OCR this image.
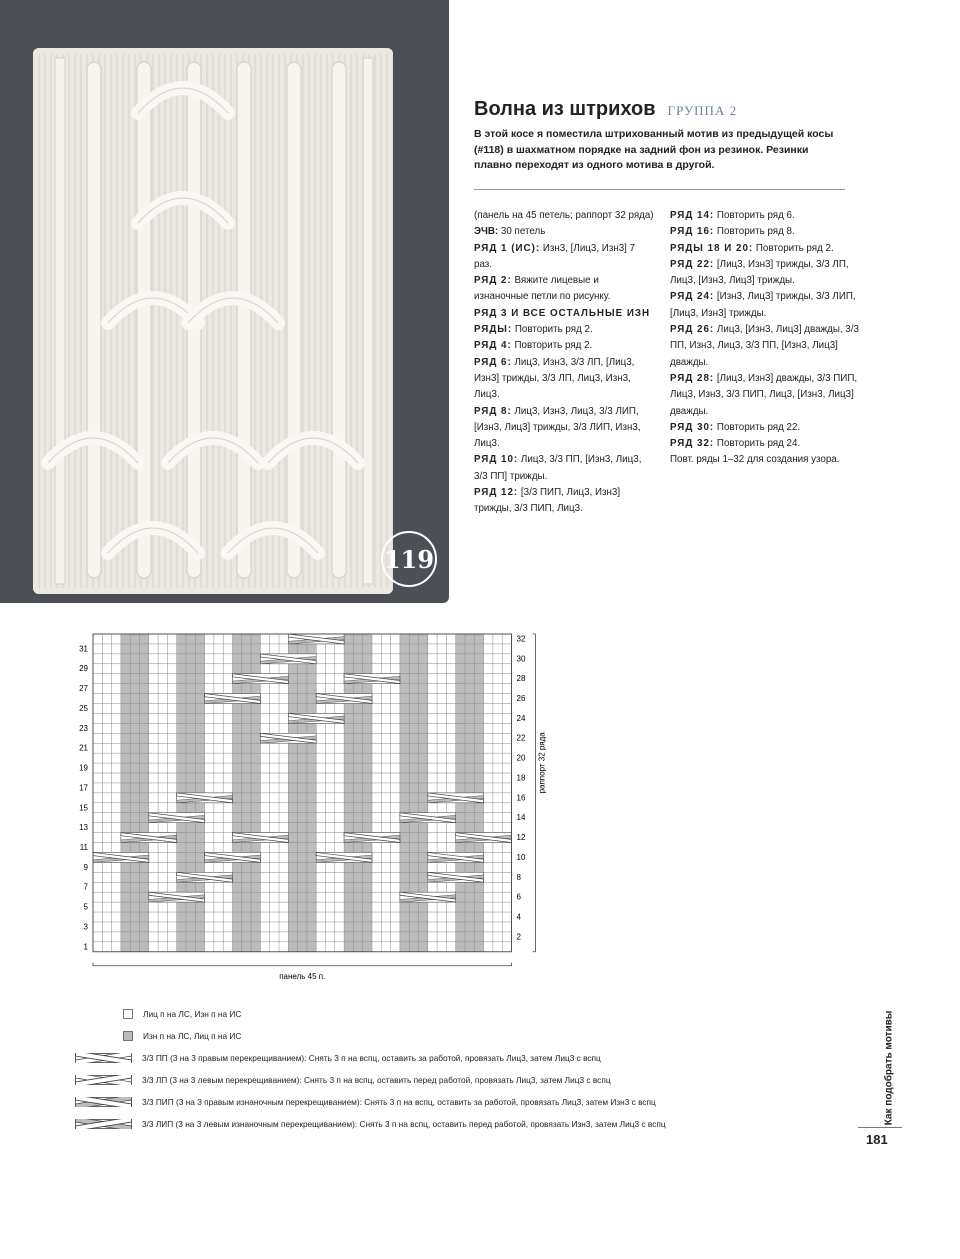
119
Волна из штрихов ГРУППА 2
В этой косе я поместила штрихованный мотив из предыдущей косы (#118) в шахматном порядке на задний фон из резинок. Резинки плавно переходят из одного мотива в другой.
(панель на 45 петель; раппорт 32 ряда)
ЭЧВ: 30 петель
РЯД 1 (ИС): Изн3, [Лиц3, Изн3] 7 раз.
РЯД 2: Вяжите лицевые и изнаночные петли по рисунку.
РЯД 3 И ВСЕ ОСТАЛЬНЫЕ ИЗН РЯДЫ: Повторить ряд 2.
РЯД 4: Повторить ряд 2.
РЯД 6: Лиц3, Изн3, 3/3 ЛП, [Лиц3, Изн3] трижды, 3/3 ЛП, Лиц3, Изн3, Лиц3.
РЯД 8: Лиц3, Изн3, Лиц3, 3/3 ЛИП, [Изн3, Лиц3] трижды, 3/3 ЛИП, Изн3, Лиц3.
РЯД 10: Лиц3, 3/3 ПП, [Изн3, Лиц3, 3/3 ПП] трижды.
РЯД 12: [3/3 ПИП, Лиц3, Изн3] трижды, 3/3 ПИП, Лиц3.
РЯД 14: Повторить ряд 6.
РЯД 16: Повторить ряд 8.
РЯДЫ 18 И 20: Повторить ряд 2.
РЯД 22: [Лиц3, Изн3] трижды, 3/3 ЛП, Лиц3, [Изн3, Лиц3] трижды.
РЯД 24: [Изн3, Лиц3] трижды, 3/3 ЛИП, [Лиц3, Изн3] трижды.
РЯД 26: Лиц3, [Изн3, Лиц3] дважды, 3/3 ПП, Изн3, Лиц3, 3/3 ПП, [Изн3, Лиц3] дважды.
РЯД 28: [Лиц3, Изн3] дважды, 3/3 ПИП, Лиц3, Изн3, 3/3 ПИП, Лиц3, [Изн3, Лиц3] дважды.
РЯД 30: Повторить ряд 22.
РЯД 32: Повторить ряд 24.
Повт. ряды 1–32 для создания узора.
1
3
5
7
9
11
13
15
17
19
21
23
25
27
29
31
2
4
6
8
10
12
14
16
18
20
22
24
26
28
30
32
раппорт 32 ряда
панель 45 п.
Лиц п на ЛС, Изн п на ИС
Изн п на ЛС, Лиц п на ИС
3/3 ПП (3 на 3 правым перекрещиванием): Снять 3 п на вспц, оставить за работой, провязать Лиц3, затем Лиц3 с вспц
3/3 ЛП (3 на 3 левым перекрещиванием): Снять 3 п на вспц, оставить перед работой, провязать Лиц3, затем Лиц3 с вспц
3/3 ПИП (3 на 3 правым изнаночным перекрещиванием): Снять 3 п на вспц, оставить за работой, провязать Лиц3, затем Изн3 с вспц
3/3 ЛИП (3 на 3 левым изнаночным перекрещиванием): Снять 3 п на вспц, оставить перед работой, провязать Изн3, затем Лиц3 с вспц	Как подобрать мотивы
181
